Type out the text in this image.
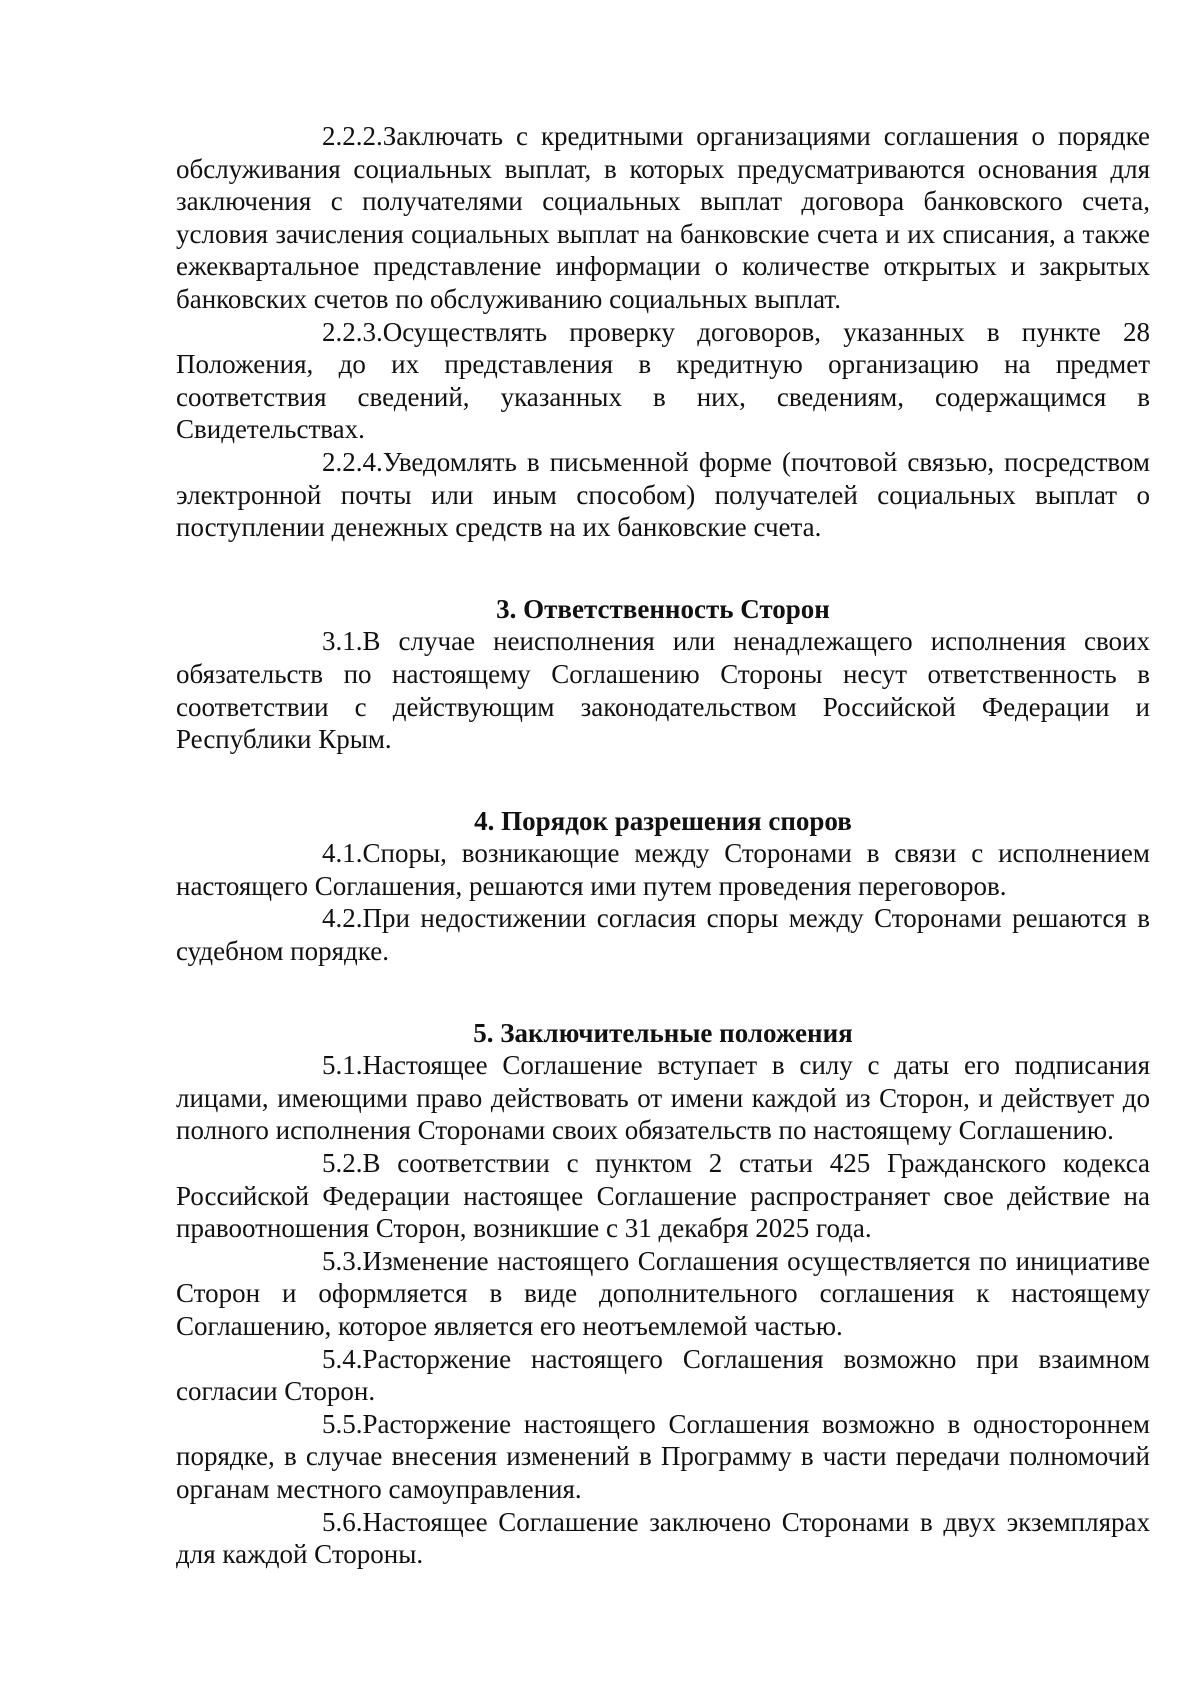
2.2.2.Заключать с кредитными организациями соглашения о порядке обслуживания социальных выплат, в которых предусматриваются основания для заключения с получателями социальных выплат договора банковского счета, условия зачисления социальных выплат на банковские счета и их списания, а также ежеквартальное представление информации о количестве открытых и закрытых банковских счетов по обслуживанию социальных выплат.

2.2.3.Осуществлять проверку договоров, указанных в пункте 28 Положения, до их представления в кредитную организацию на предмет соответствия сведений, указанных в них, сведениям, содержащимся в Свидетельствах.

2.2.4.Уведомлять в письменной форме (почтовой связью, посредством электронной почты или иным способом) получателей социальных выплат о поступлении денежных средств на их банковские счета.

3. Ответственность Сторон

3.1.В случае неисполнения или ненадлежащего исполнения своих обязательств по настоящему Соглашению Стороны несут ответственность в соответствии с действующим законодательством Российской Федерации и Республики Крым.

4. Порядок разрешения споров

4.1.Споры, возникающие между Сторонами в связи с исполнением настоящего Соглашения, решаются ими путем проведения переговоров.

4.2.При недостижении согласия споры между Сторонами решаются в судебном порядке.

5. Заключительные положения

5.1.Настоящее Соглашение вступает в силу с даты его подписания лицами, имеющими право действовать от имени каждой из Сторон, и действует до полного исполнения Сторонами своих обязательств по настоящему Соглашению.

5.2.В соответствии с пунктом 2 статьи 425 Гражданского кодекса Российской Федерации настоящее Соглашение распространяет свое действие на правоотношения Сторон, возникшие с 31 декабря 2025 года.

5.3.Изменение настоящего Соглашения осуществляется по инициативе Сторон и оформляется в виде дополнительного соглашения к настоящему Соглашению, которое является его неотъемлемой частью.

5.4.Расторжение настоящего Соглашения возможно при взаимном согласии Сторон.

5.5.Расторжение настоящего Соглашения возможно в одностороннем порядке, в случае внесения изменений в Программу в части передачи полномочий органам местного самоуправления.

5.6.Настоящее Соглашение заключено Сторонами в двух экземплярах для каждой Стороны.
